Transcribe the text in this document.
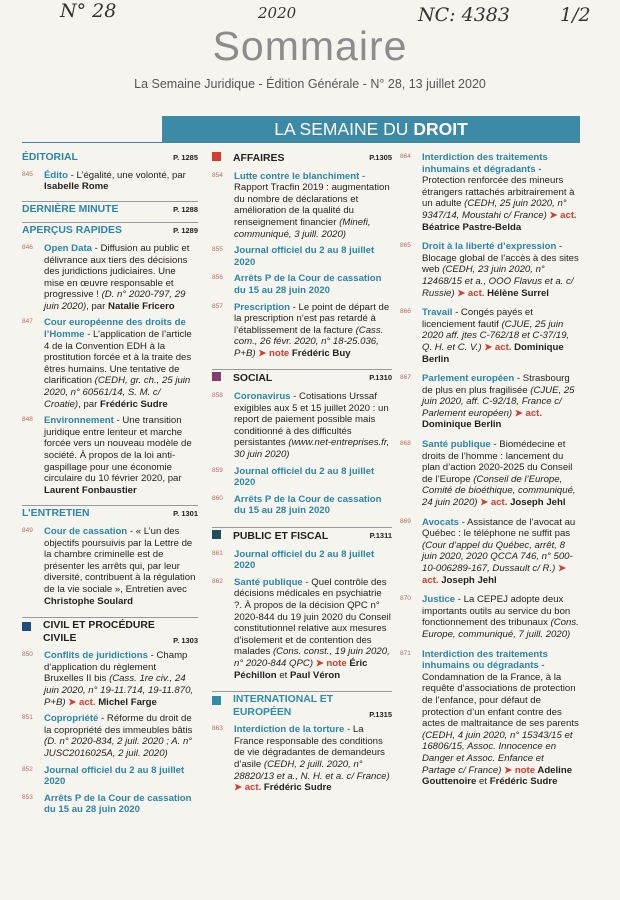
N° 28	2020	NC: 4383	1/2
Sommaire
La Semaine Juridique - Édition Générale - N° 28, 13 juillet 2020
LA SEMAINE DU DROIT
ÉDITORIAL	P. 1285
845 Édito - L’égalité, une volonté, par Isabelle Rome
DERNIÈRE MINUTE	P. 1288
APERÇUS RAPIDES	P. 1289
846 Open Data - Diffusion au public et délivrance aux tiers des décisions des juridictions judiciaires. Une mise en œuvre responsable et progressive ! (D. n° 2020-797, 29 juin 2020), par Natalie Fricero
847 Cour européenne des droits de l’Homme - L’application de l’article 4 de la Convention EDH à la prostitution forcée et à la traite des êtres humains. Une tentative de clarification (CEDH, gr. ch., 25 juin 2020, n° 60561/14, S. M. c/ Croatie), par Frédéric Sudre
848 Environnement - Une transition juridique entre lenteur et marche forcée vers un nouveau modèle de société. À propos de la loi anti-gaspillage pour une économie circulaire du 10 février 2020, par Laurent Fonbaustier
L’ENTRETIEN	P. 1301
849 Cour de cassation - « L’un des objectifs poursuivis par la Lettre de la chambre criminelle est de présenter les arrêts qui, par leur diversité, contribuent à la régulation de la vie sociale », Entretien avec Christophe Soulard
CIVIL ET PROCÉDURE CIVILE	P. 1303
850 Conflits de juridictions - Champ d’application du règlement Bruxelles II bis (Cass. 1re civ., 24 juin 2020, n° 19-11.714, 19-11.870, P+B) ➤ act. Michel Farge
851 Copropriété - Réforme du droit de la copropriété des immeubles bâtis (D. n° 2020-834, 2 juil. 2020 ; A. n° JUSC2016025A, 2 juil. 2020)
852 Journal officiel du 2 au 8 juillet 2020
853 Arrêts P de la Cour de cassation du 15 au 28 juin 2020
AFFAIRES	P.1305
854 Lutte contre le blanchiment - Rapport Tracfin 2019 : augmentation du nombre de déclarations et amélioration de la qualité du renseignement financier (Minefi, communiqué, 3 juill. 2020)
855 Journal officiel du 2 au 8 juillet 2020
856 Arrêts P de la Cour de cassation du 15 au 28 juin 2020
857 Prescription - Le point de départ de la prescription n’est pas retardé à l’établissement de la facture (Cass. com., 26 févr. 2020, n° 18-25.036, P+B) ➤ note Frédéric Buy
SOCIAL	P.1310
858 Coronavirus - Cotisations Urssaf exigibles aux 5 et 15 juillet 2020 : un report de paiement possible mais conditionné à des difficultés persistantes (www.net-entreprises.fr, 30 juin 2020)
859 Journal officiel du 2 au 8 juillet 2020
860 Arrêts P de la Cour de cassation du 15 au 28 juin 2020
PUBLIC ET FISCAL	P.1311
861 Journal officiel du 2 au 8 juillet 2020
862 Santé publique - Quel contrôle des décisions médicales en psychiatrie ?. À propos de la décision QPC n° 2020-844 du 19 juin 2020 du Conseil constitutionnel relative aux mesures d’isolement et de contention des malades (Cons. const., 19 juin 2020, n° 2020-844 QPC) ➤ note Éric Péchillon et Paul Véron
INTERNATIONAL ET EUROPÉEN	P.1315
863 Interdiction de la torture - La France responsable des conditions de vie dégradantes de demandeurs d’asile (CEDH, 2 juill. 2020, n° 28820/13 et a., N. H. et a. c/ France) ➤ act. Frédéric Sudre
864 Interdiction des traitements inhumains et dégradants - Protection renforcée des mineurs étrangers rattachés arbitrairement à un adulte (CEDH, 25 juin 2020, n° 9347/14, Moustahi c/ France) ➤ act. Béatrice Pastre-Belda
865 Droit à la liberté d’expression - Blocage global de l’accès à des sites web (CEDH, 23 juin 2020, n° 12468/15 et a., OOO Flavus et a. c/ Russie) ➤ act. Hélène Surrel
866 Travail - Congés payés et licenciement fautif (CJUE, 25 juin 2020 aff. jtes C-762/18 et C-37/19, Q. H. et C. V.) ➤ act. Dominique Berlin
867 Parlement européen - Strasbourg de plus en plus fragilisée (CJUE, 25 juin 2020, aff. C-92/18, France c/ Parlement européen) ➤ act. Dominique Berlin
868 Santé publique - Biomédecine et droits de l’homme : lancement du plan d’action 2020-2025 du Conseil de l’Europe (Conseil de l’Europe, Comité de bioéthique, communiqué, 24 juin 2020) ➤ act. Joseph Jehl
869 Avocats - Assistance de l’avocat au Québec : le téléphone ne suffit pas (Cour d’appel du Québec, arrêt, 8 juin 2020, 2020 QCCA 746, n° 500-10-006289-167, Dussault c/ R.) ➤ act. Joseph Jehl
870 Justice - La CEPEJ adopte deux importants outils au service du bon fonctionnement des tribunaux (Cons. Europe, communiqué, 7 juill. 2020)
871 Interdiction des traitements inhumains ou dégradants - Condamnation de la France, à la requête d’associations de protection de l’enfance, pour défaut de protection d’un enfant contre des actes de maltraitance de ses parents (CEDH, 4 juin 2020, n° 15343/15 et 16806/15, Assoc. Innocence en Danger et Assoc. Enfance et Partage c/ France) ➤ note Adeline Gouttenoire et Frédéric Sudre
